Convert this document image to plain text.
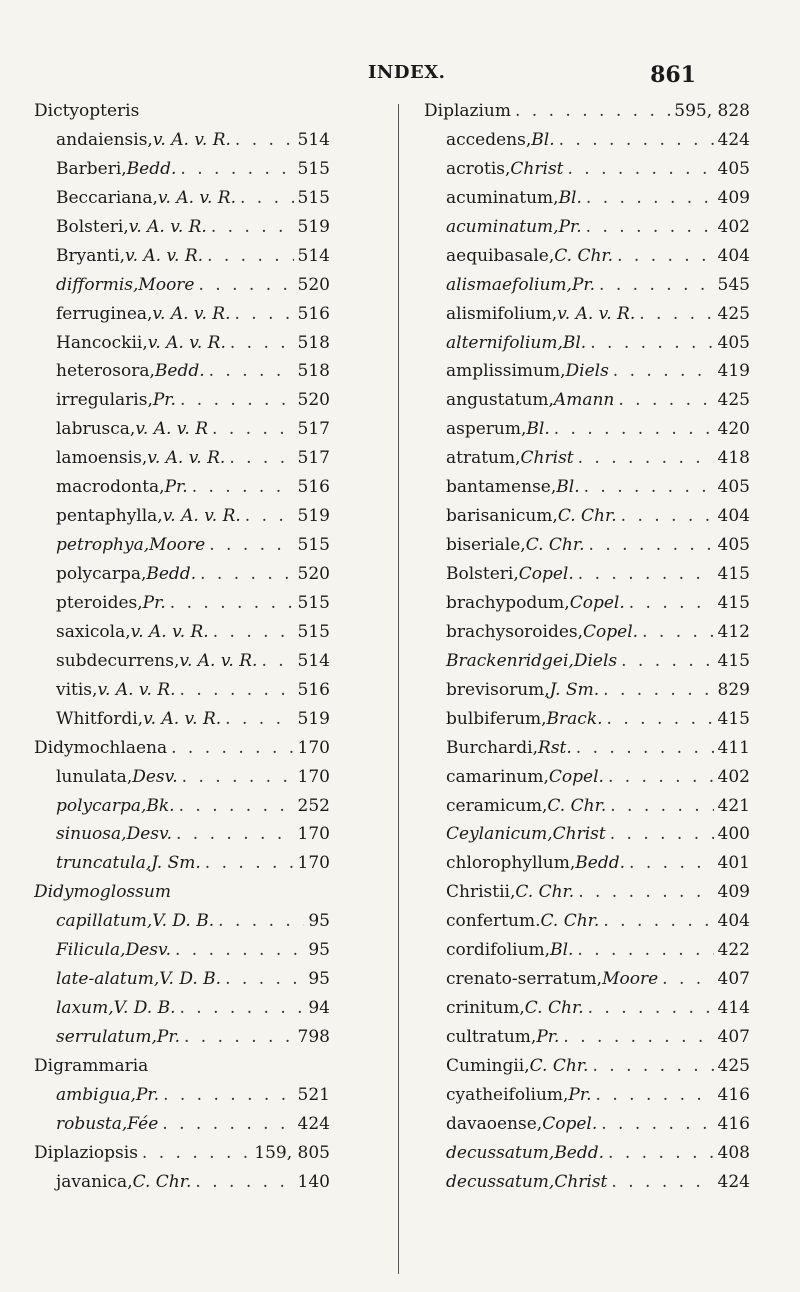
INDEX.	861
Dictyopteris
andaiensis, v. A. v. R. . . .	514
Barberi, Bedd. . . .	515
Beccariana, v. A. v. R. . . .	515
Bolsteri, v. A. v. R. . . .	519
Bryanti, v. A. v. R. . . .	514
difformis, Moore . . .	520
ferruginea, v. A. v. R. . . .	516
Hancockii, v. A. v. R. . . .	518
heterosora, Bedd. . . .	518
irregularis, Pr. . . .	520
labrusca, v. A. v. R . . .	517
lamoensis, v. A. v. R. . . .	517
macrodonta, Pr. . . .	516
pentaphylla, v. A. v. R. . . .	519
petrophya, Moore . . .	515
polycarpa, Bedd. . . .	520
pteroides, Pr. . . .	515
saxicola, v. A. v. R. . . .	515
subdecurrens, v. A. v. R. . . . 514
vitis, v. A. v. R. . . .	516
Whitfordi, v. A. v. R. . . .	519
Didymochlaena . . .	170
lunulata, Desv. . . .	170
polycarpa, Bk. . . .	252
sinuosa, Desv. . . .	170
truncatula, J. Sm. . . .	170
Didymoglossum
capillatum, V. D. B. . . .	95
Filicula, Desv. . . .	95
late-alatum, V. D. B. . . .	95
laxum, V. D. B. . . .	94
serrulatum, Pr. . . .	798
Digrammaria
ambigua, Pr. . . .	521
robusta, Fée . . .	424
Diplaziopsis . . .	159, 805
javanica, C. Chr. . . .	140
Diplazium . . .	595, 828
accedens, Bl. . . .	424
acrotis, Christ . . .	405
acuminatum, Bl. . . .	409
acuminatum, Pr. . . .	402
aequibasale, C. Chr. . . .	404
alismaefolium, Pr. . . .	545
alismifolium, v. A. v. R. . . .	425
alternifolium, Bl. . . .	405
amplissimum, Diels . . .	419
angustatum, Amann . . .	425
asperum, Bl. . . .	420
atratum, Christ . . .	418
bantamense, Bl. . . .	405
barisanicum, C. Chr. . . .	404
biseriale, C. Chr. . . .	405
Bolsteri, Copel. . . .	415
brachypodum, Copel. . . .	415
brachysoroides, Copel. . . .	412
Brackenridgei, Diels . . .	415
brevisorum, J. Sm. . . .	829
bulbiferum, Brack. . . .	415
Burchardi, Rst. . . .	411
camarinum, Copel. . . .	402
ceramicum, C. Chr. . . .	421
Ceylanicum, Christ . . .	400
chlorophyllum, Bedd. . . .	401
Christii, C. Chr. . . .	409
confertum. C. Chr. . . .	404
cordifolium, Bl. . . .	422
crenato-serratum, Moore . . .	407
crinitum, C. Chr. . . .	414
cultratum, Pr. . . .	407
Cumingii, C. Chr. . . .	425
cyatheifolium, Pr. . . .	416
davaoense, Copel. . . .	416
decussatum, Bedd. . . .	408
decussatum, Christ . . .	424
